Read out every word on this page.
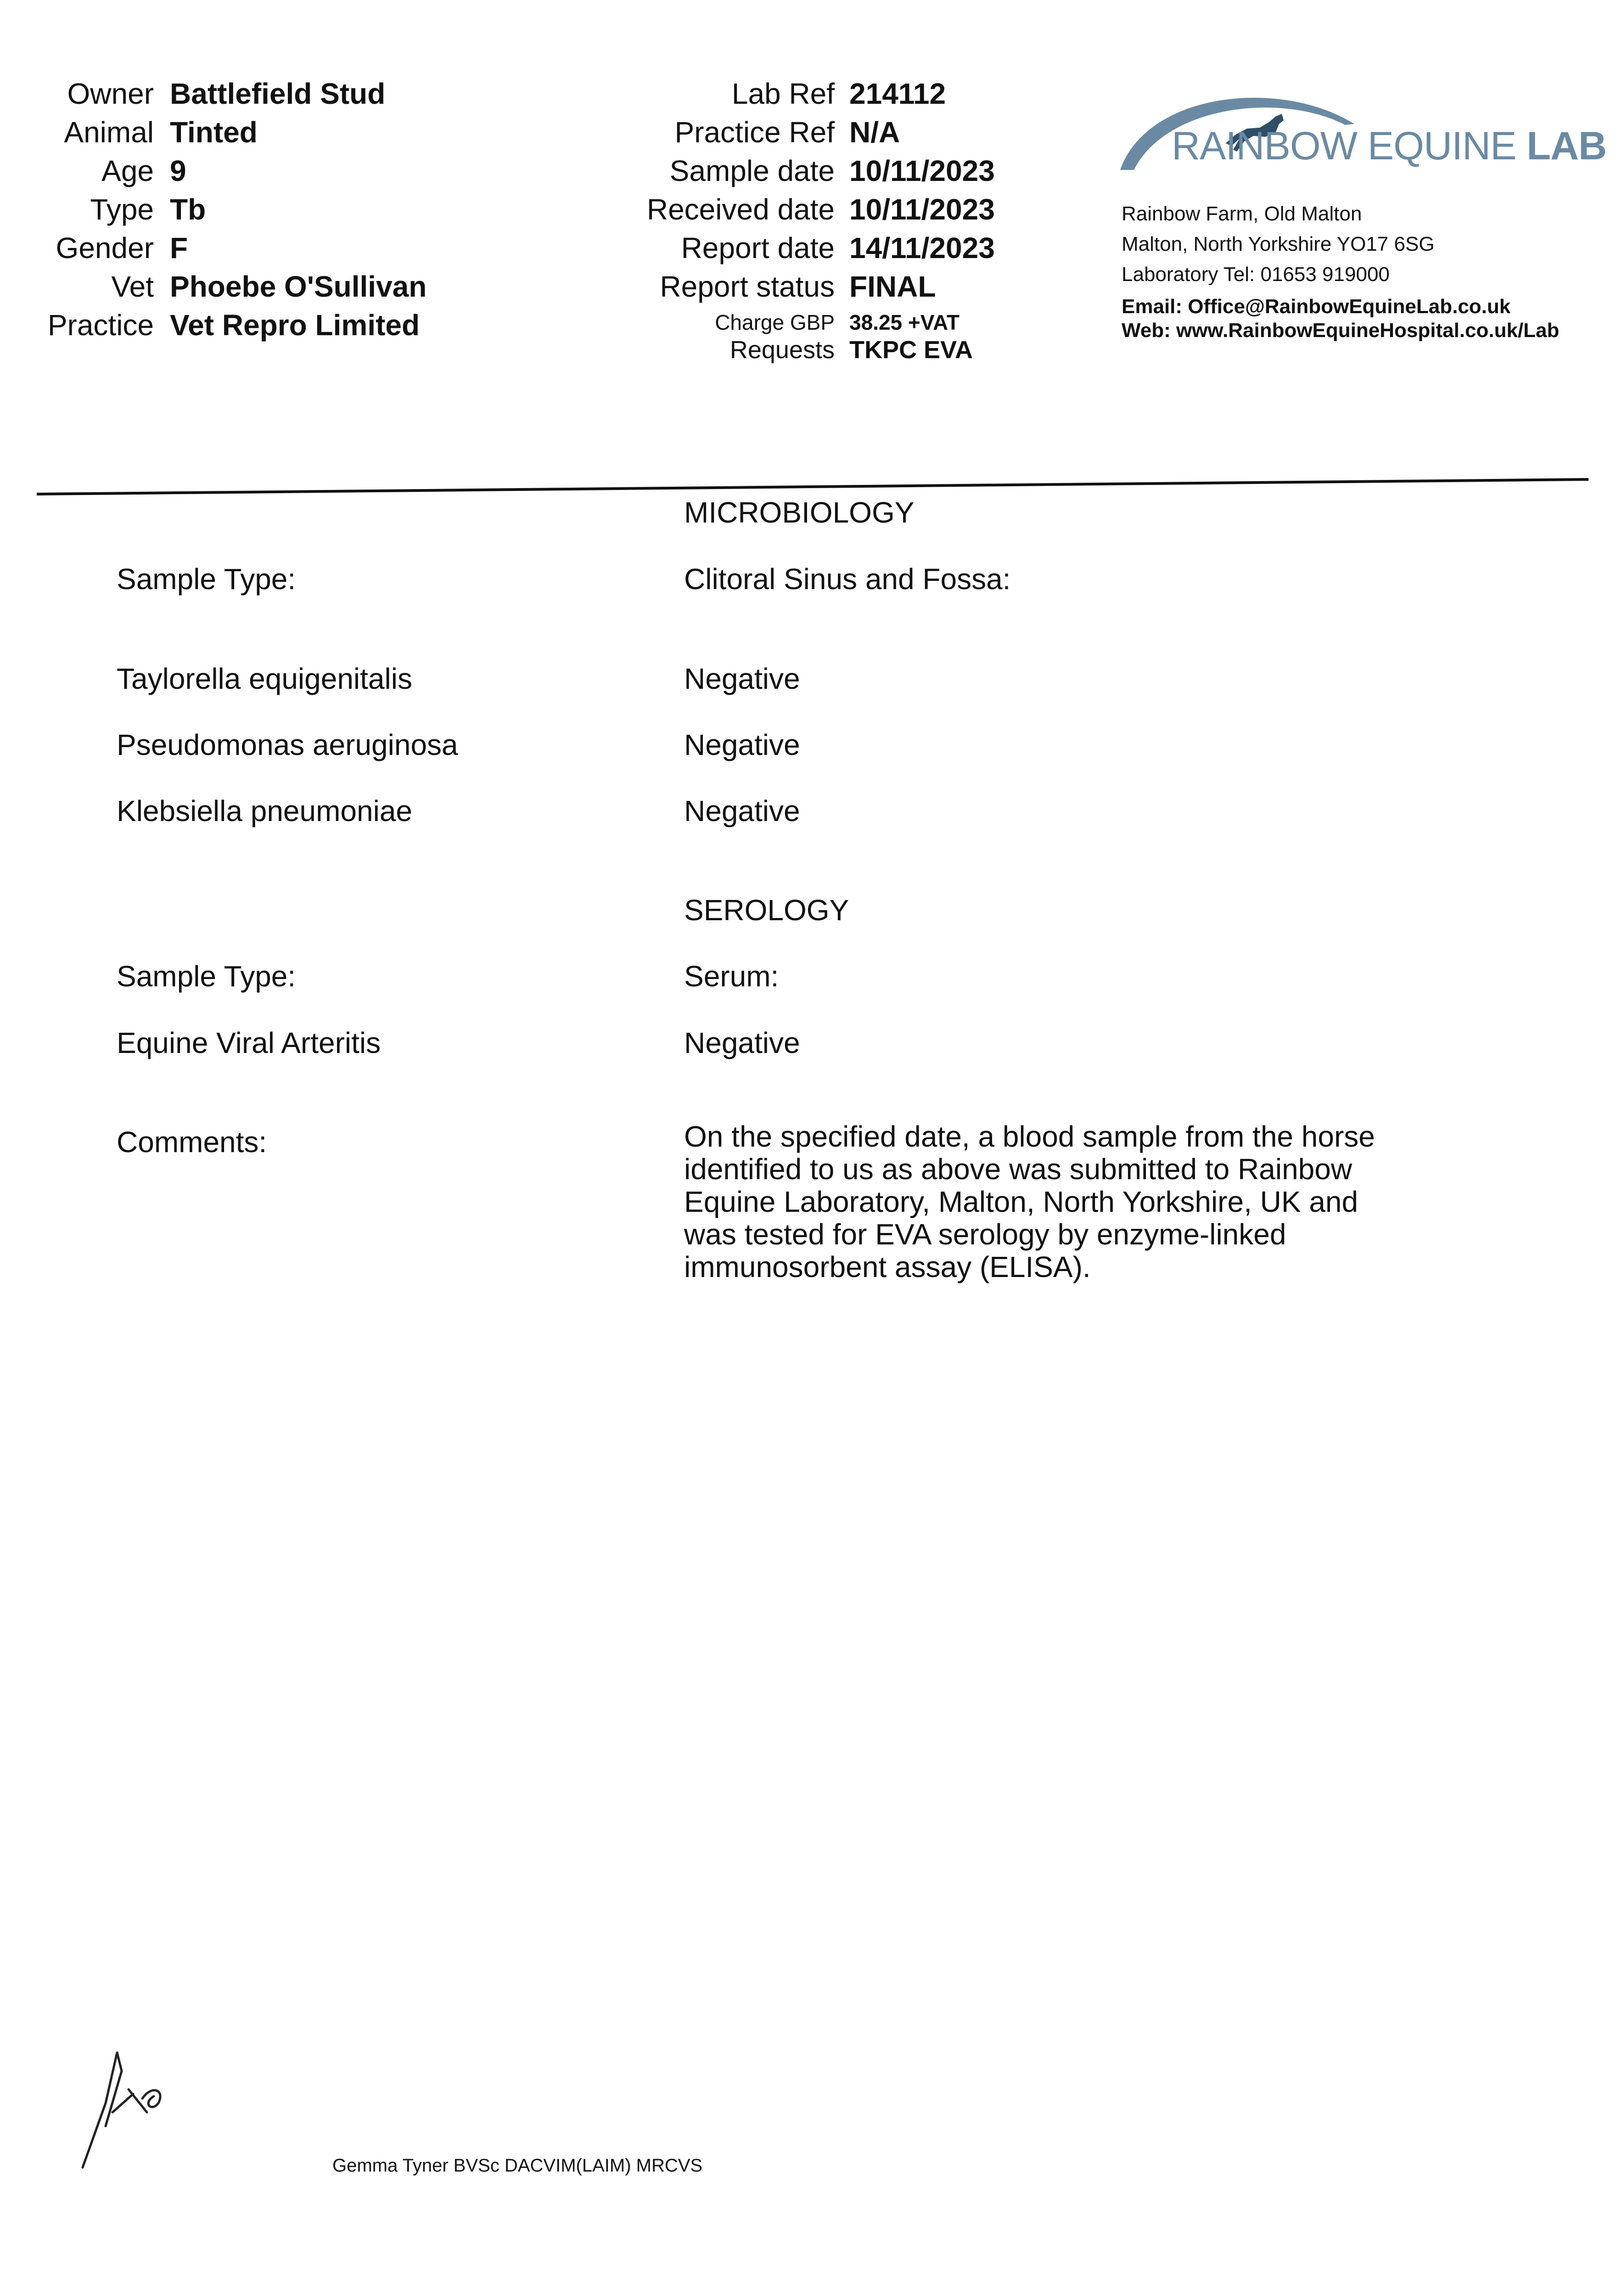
Owner Battlefield Stud
Animal Tinted
Age 9
Type Tb
Gender F
Vet Phoebe O'Sullivan
Practice Vet Repro Limited
Lab Ref 214112
Practice Ref N/A
Sample date 10/11/2023
Received date 10/11/2023
Report date 14/11/2023
Report status FINAL
Charge GBP 38.25 +VAT
Requests TKPC EVA
RAINBOW EQUINE LAB
Rainbow Farm, Old Malton
Malton, North Yorkshire YO17 6SG
Laboratory Tel: 01653 919000
Email: Office@RainbowEquineLab.co.uk
Web: www.RainbowEquineHospital.co.uk/Lab
MICROBIOLOGY
Sample Type:	Clitoral Sinus and Fossa:
Taylorella equigenitalis	Negative
Pseudomonas aeruginosa	Negative
Klebsiella pneumoniae	Negative
SEROLOGY
Sample Type:	Serum:
Equine Viral Arteritis	Negative
Comments:	On the specified date, a blood sample from the horse
identified to us as above was submitted to Rainbow
Equine Laboratory, Malton, North Yorkshire, UK and
was tested for EVA serology by enzyme-linked
immunosorbent assay (ELISA).
Gemma Tyner BVSc DACVIM(LAIM) MRCVS
